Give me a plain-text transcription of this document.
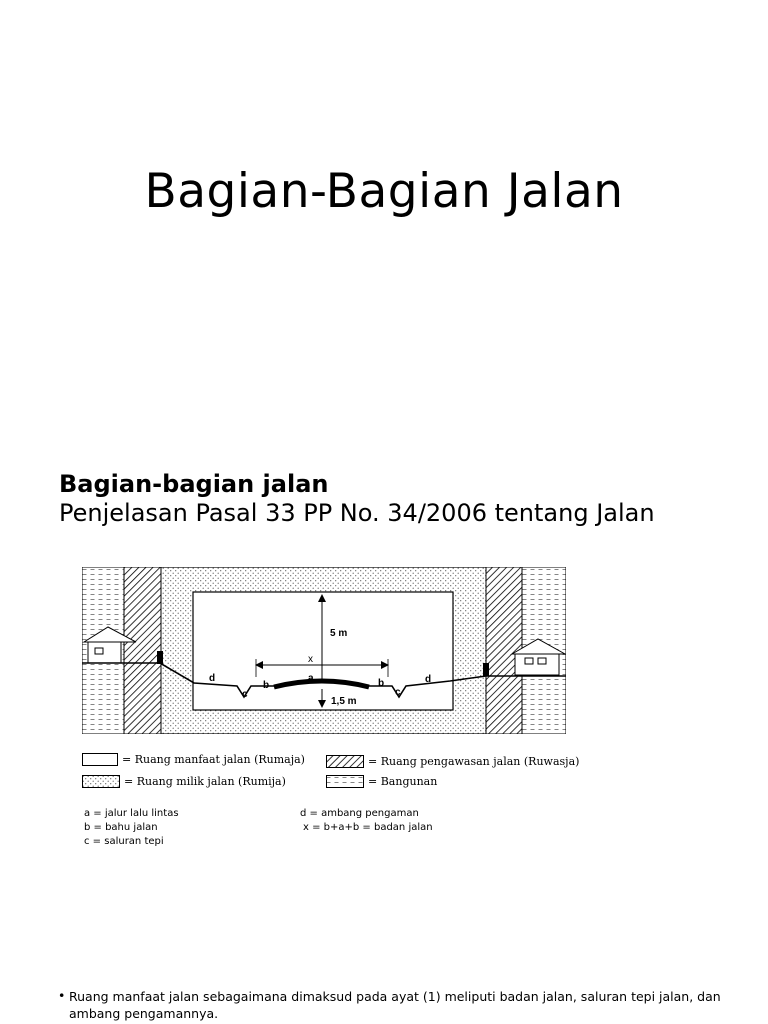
Bagian-Bagian Jalan
Bagian-bagian jalan
Penjelasan Pasal 33 PP No. 34/2006 tentang Jalan
5 m
x
a
1,5 m
b	b
c	c
d	d
= Ruang manfaat jalan (Rumaja)	= Ruang pengawasan jalan (Ruwasja)
= Ruang milik jalan (Rumija)	= Bangunan
a = jalur lalu lintas
b = bahu jalan
c = saluran tepi
d = ambang pengaman
x = b+a+b = badan jalan
• Ruang manfaat jalan sebagaimana dimaksud pada ayat (1) meliputi badan jalan, saluran tepi jalan, dan ambang pengamannya.
